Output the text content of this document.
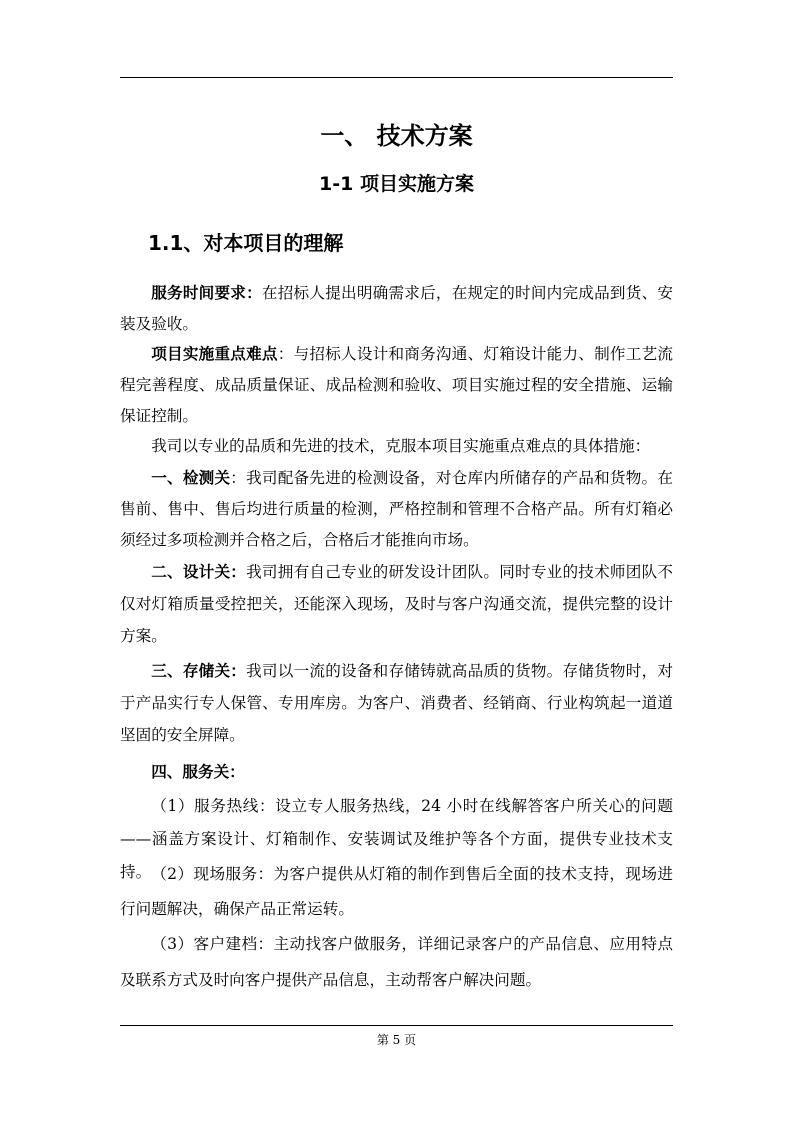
一、 技术方案
1-1 项目实施方案
1.1、对本项目的理解

服务时间要求：在招标人提出明确需求后，在规定的时间内完成品到货、安装及验收。

项目实施重点难点：与招标人设计和商务沟通、灯箱设计能力、制作工艺流程完善程度、成品质量保证、成品检测和验收、项目实施过程的安全措施、运输保证控制。

我司以专业的品质和先进的技术，克服本项目实施重点难点的具体措施：

一、检测关：我司配备先进的检测设备，对仓库内所储存的产品和货物。在售前、售中、售后均进行质量的检测，严格控制和管理不合格产品。所有灯箱必须经过多项检测并合格之后，合格后才能推向市场。

二、设计关：我司拥有自己专业的研发设计团队。同时专业的技术师团队不仅对灯箱质量受控把关，还能深入现场，及时与客户沟通交流，提供完整的设计方案。

三、存储关：我司以一流的设备和存储铸就高品质的货物。存储货物时，对于产品实行专人保管、专用库房。为客户、消费者、经销商、行业构筑起一道道坚固的安全屏障。

四、服务关：

（1）服务热线：设立专人服务热线，24 小时在线解答客户所关心的问题——涵盖方案设计、灯箱制作、安装调试及维护等各个方面，提供专业技术支持。 （2）现场服务：为客户提供从灯箱的制作到售后全面的技术支持，现场进行问题解决，确保产品正常运转。

（3）客户建档：主动找客户做服务，详细记录客户的产品信息、应用特点及联系方式及时向客户提供产品信息，主动帮客户解决问题。

第 5 页
